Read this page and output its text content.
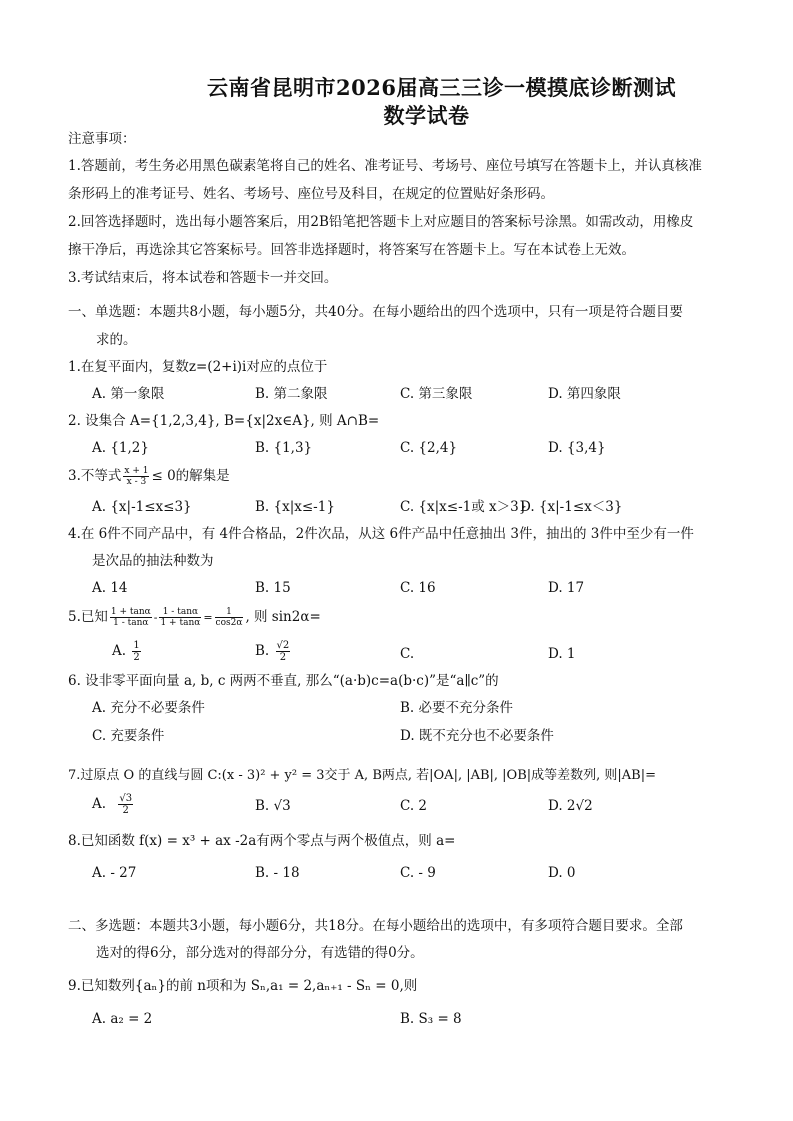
云南省昆明市2026届高三三诊一模摸底诊断测试
数学试卷
注意事项：
1.答题前，考生务必用黑色碳素笔将自己的姓名、准考证号、考场号、座位号填写在答题卡上，并认真核准
条形码上的准考证号、姓名、考场号、座位号及科目，在规定的位置贴好条形码。
2.回答选择题时，选出每小题答案后，用2B铅笔把答题卡上对应题目的答案标号涂黑。如需改动，用橡皮
擦干净后，再选涂其它答案标号。回答非选择题时，将答案写在答题卡上。写在本试卷上无效。
3.考试结束后，将本试卷和答题卡一并交回。
一、单选题：本题共8小题，每小题5分，共40分。在每小题给出的四个选项中，只有一项是符合题目要
求的。
1.在复平面内，复数z=(2+i)i对应的点位于
A. 第一象限	B. 第二象限	C. 第三象限	D. 第四象限
2. 设集合 A={1,2,3,4}, B={x|2x∈A}, 则 A∩B=
A. {1,2}	B. {1,3}	C. {2,4}	D. {3,4}
3.不等式 $\frac{x + 1}{x - 3} \le 0$的解集是
A. {x|-1≤x≤3}	B. {x|x≤-1}	C. {x|x≤-1或 x＞3}
D. {x|-1≤x＜3}
4.在 6件不同产品中，有 4件合格品，2件次品，从这 6件产品中任意抽出 3件，抽出的 3件中至少有一件
是次品的抽法种数为
A. 14	B. 15	C. 16	D. 17
5.已知 $\frac{1 + \tan\alpha}{1 - \tan\alpha} - \frac{1 - \tan\alpha}{1 + \tan\alpha} = \frac{1}{\cos 2\alpha}$ , 则 sin2α=
A. $\frac{1}{2}$	B. $\frac{√2}{2}$	C.	D. 1
6. 设非零平面向量 a, b, c 两两不垂直, 那么“(a·b)c=a(b·c)”是“a∥c”的
A. 充分不必要条件	B. 必要不充分条件
C. 充要条件	D. 既不充分也不必要条件
7.过原点 O 的直线与圆 C:(x - 3)² + y² = 3交于 A, B两点, 若|OA|, |AB|, |OB|成等差数列, 则|AB|=
A. $\frac{√3}{2}$	B. √3	C. 2	D. 2√2
8.已知函数 f(x) = x³ + ax -2a有两个零点与两个极值点，则 a=
A. - 27	B. - 18	C. - 9	D. 0
二、多选题：本题共3小题，每小题6分，共18分。在每小题给出的选项中，有多项符合题目要求。全部
选对的得6分，部分选对的得部分分，有选错的得0分。
9.已知数列{aₙ}的前 n项和为 Sₙ,a₁ = 2,aₙ₊₁ - Sₙ = 0,则
A. a₂ = 2	B. S₃ = 8
